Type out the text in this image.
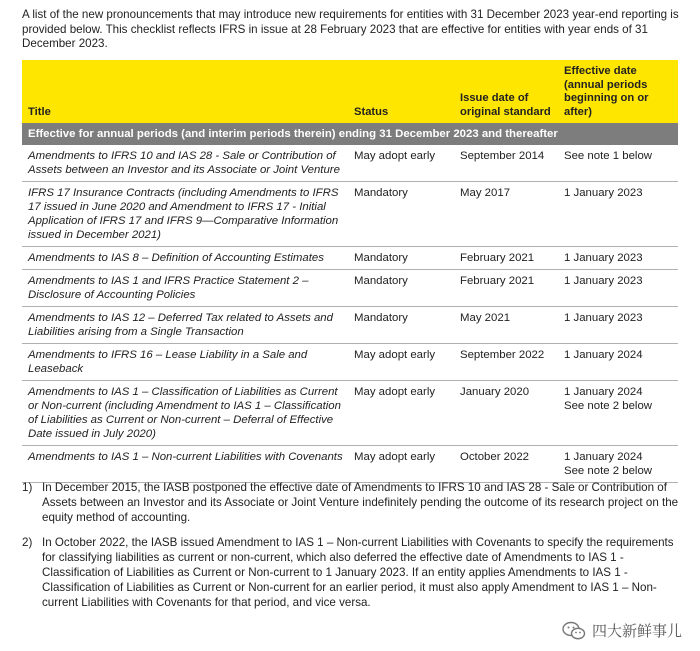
A list of the new pronouncements that may introduce new requirements for entities with 31 December 2023 year-end reporting is provided below. This checklist reflects IFRS in issue at 28 February 2023 that are effective for entities with year ends of 31 December 2023.
Title	Status	Issue date of original standard	Effective date (annual periods beginning on or after)
Effective for annual periods (and interim periods therein) ending 31 December 2023 and thereafter			
Amendments to IFRS 10 and IAS 28 - Sale or Contribution of Assets between an Investor and its Associate or Joint Venture	May adopt early	September 2014	See note 1 below

IFRS 17 Insurance Contracts (including Amendments to IFRS 17 issued in June 2020 and Amendment to IFRS 17 - Initial Application of IFRS 17 and IFRS 9—Comparative Information issued in December 2021)	Mandatory	May 2017	1 January 2023

Amendments to IAS 8 – Definition of Accounting Estimates	Mandatory	February 2021	1 January 2023

Amendments to IAS 1 and IFRS Practice Statement 2 – Disclosure of Accounting Policies	Mandatory	February 2021	1 January 2023

Amendments to IAS 12 – Deferred Tax related to Assets and Liabilities arising from a Single Transaction	Mandatory	May 2021	1 January 2023

Amendments to IFRS 16 – Lease Liability in a Sale and Leaseback	May adopt early	September 2022	1 January 2024

Amendments to IAS 1 – Classification of Liabilities as Current or Non-current (including Amendment to IAS 1 – Classification of Liabilities as Current or Non-current – Deferral of Effective Date issued in July 2020)	May adopt early	January 2020	1 January 2024
See note 2 below

Amendments to IAS 1 – Non-current Liabilities with Covenants	May adopt early	October 2022	1 January 2024
See note 2 below
1) In December 2015, the IASB postponed the effective date of Amendments to IFRS 10 and IAS 28 - Sale or Contribution of Assets between an Investor and its Associate or Joint Venture indefinitely pending the outcome of its research project on the equity method of accounting.
2) In October 2022, the IASB issued Amendment to IAS 1 – Non-current Liabilities with Covenants to specify the requirements for classifying liabilities as current or non-current, which also deferred the effective date of Amendments to IAS 1 - Classification of Liabilities as Current or Non-current to 1 January 2023. If an entity applies Amendments to IAS 1 - Classification of Liabilities as Current or Non-current for an earlier period, it must also apply Amendment to IAS 1 – Non-current Liabilities with Covenants for that period, and vice versa.
四大新鲜事儿
